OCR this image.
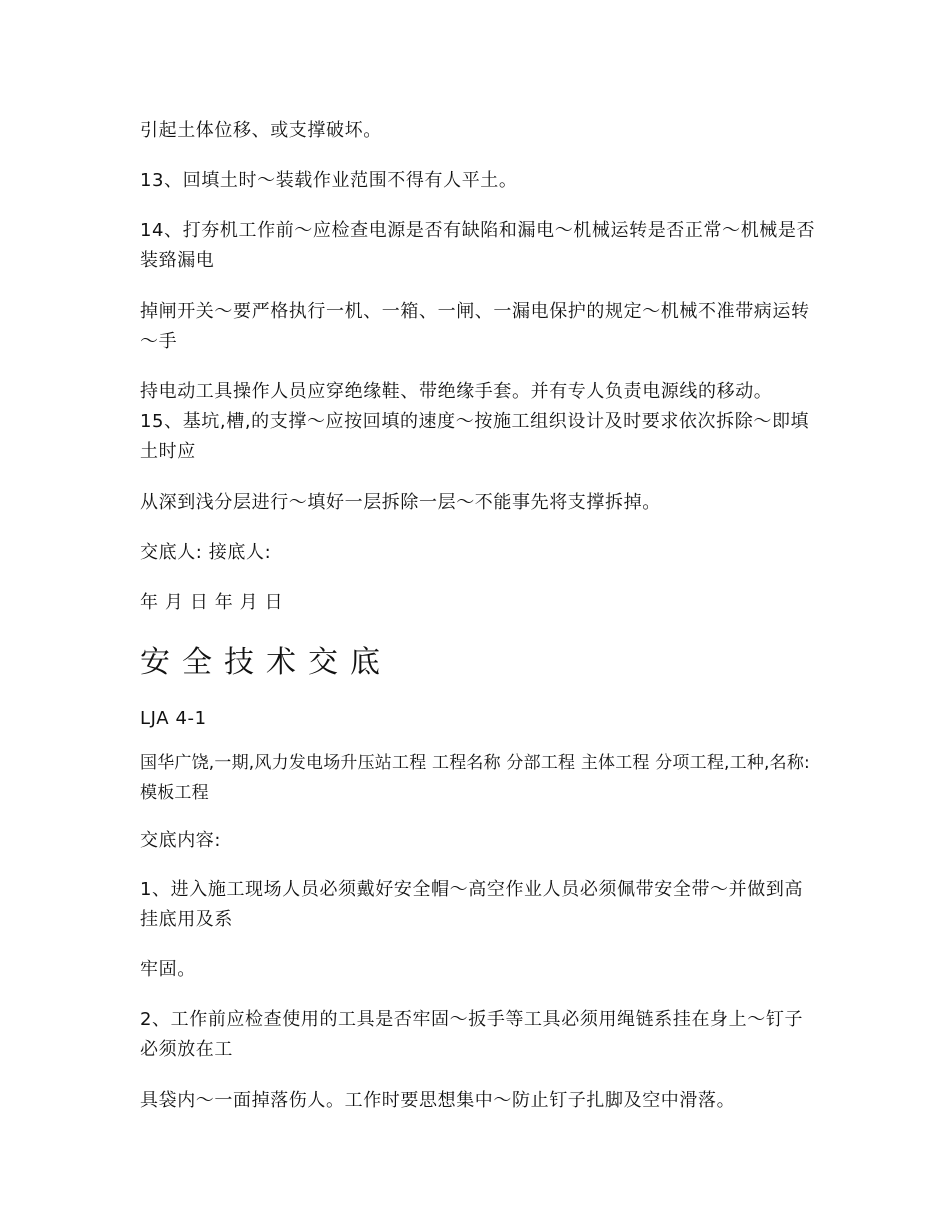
引起土体位移、或支撑破坏。

13、回填土时～装载作业范围不得有人平土。

14、打夯机工作前～应检查电源是否有缺陷和漏电～机械运转是否正常～机械是否装臵漏电

掉闸开关～要严格执行一机、一箱、一闸、一漏电保护的规定～机械不准带病运转～手

持电动工具操作人员应穿绝缘鞋、带绝缘手套。并有专人负责电源线的移动。 15、基坑,槽,的支撑～应按回填的速度～按施工组织设计及时要求依次拆除～即填土时应

从深到浅分层进行～填好一层拆除一层～不能事先将支撑拆掉。

交底人: 接底人:

年 月 日 年 月 日

安全技术交底

LJA 4-1

国华广饶,一期,风力发电场升压站工程 工程名称 分部工程 主体工程 分项工程,工种,名称:模板工程

交底内容:

1、进入施工现场人员必须戴好安全帽～高空作业人员必须佩带安全带～并做到高挂底用及系

牢固。

2、工作前应检查使用的工具是否牢固～扳手等工具必须用绳链系挂在身上～钉子必须放在工

具袋内～一面掉落伤人。工作时要思想集中～防止钉子扎脚及空中滑落。
